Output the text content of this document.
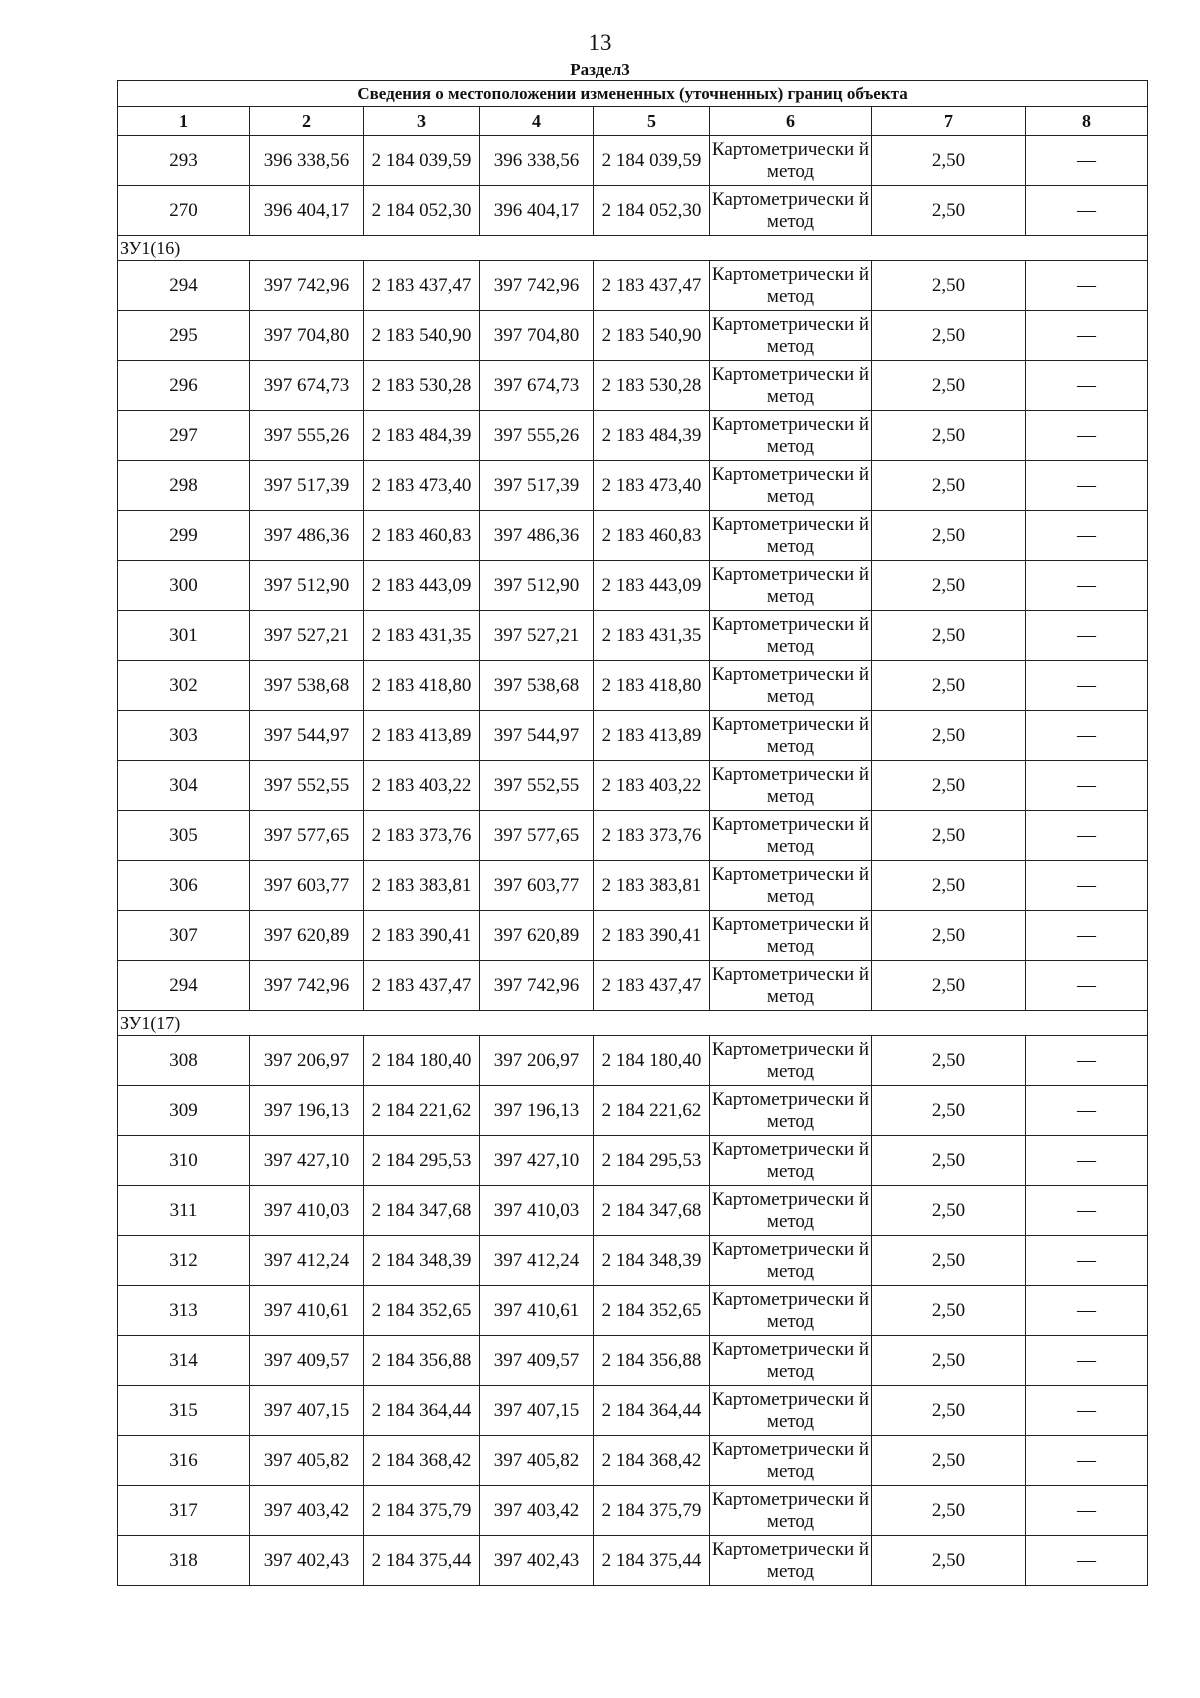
13
Раздел3
Сведения о местоположении измененных (уточненных) границ объекта							
1	2	3	4	5	6	7	8
293	396 338,56	2 184 039,59	396 338,56	2 184 039,59	Картометрически й метод	2,50	—
270	396 404,17	2 184 052,30	396 404,17	2 184 052,30	Картометрически й метод	2,50	—
ЗУ1(16)							
294	397 742,96	2 183 437,47	397 742,96	2 183 437,47	Картометрически й метод	2,50	—
295	397 704,80	2 183 540,90	397 704,80	2 183 540,90	Картометрически й метод	2,50	—
296	397 674,73	2 183 530,28	397 674,73	2 183 530,28	Картометрически й метод	2,50	—
297	397 555,26	2 183 484,39	397 555,26	2 183 484,39	Картометрически й метод	2,50	—
298	397 517,39	2 183 473,40	397 517,39	2 183 473,40	Картометрически й метод	2,50	—
299	397 486,36	2 183 460,83	397 486,36	2 183 460,83	Картометрически й метод	2,50	—
300	397 512,90	2 183 443,09	397 512,90	2 183 443,09	Картометрически й метод	2,50	—
301	397 527,21	2 183 431,35	397 527,21	2 183 431,35	Картометрически й метод	2,50	—
302	397 538,68	2 183 418,80	397 538,68	2 183 418,80	Картометрически й метод	2,50	—
303	397 544,97	2 183 413,89	397 544,97	2 183 413,89	Картометрически й метод	2,50	—
304	397 552,55	2 183 403,22	397 552,55	2 183 403,22	Картометрически й метод	2,50	—
305	397 577,65	2 183 373,76	397 577,65	2 183 373,76	Картометрически й метод	2,50	—
306	397 603,77	2 183 383,81	397 603,77	2 183 383,81	Картометрически й метод	2,50	—
307	397 620,89	2 183 390,41	397 620,89	2 183 390,41	Картометрически й метод	2,50	—
294	397 742,96	2 183 437,47	397 742,96	2 183 437,47	Картометрически й метод	2,50	—
ЗУ1(17)							
308	397 206,97	2 184 180,40	397 206,97	2 184 180,40	Картометрически й метод	2,50	—
309	397 196,13	2 184 221,62	397 196,13	2 184 221,62	Картометрически й метод	2,50	—
310	397 427,10	2 184 295,53	397 427,10	2 184 295,53	Картометрически й метод	2,50	—
311	397 410,03	2 184 347,68	397 410,03	2 184 347,68	Картометрически й метод	2,50	—
312	397 412,24	2 184 348,39	397 412,24	2 184 348,39	Картометрически й метод	2,50	—
313	397 410,61	2 184 352,65	397 410,61	2 184 352,65	Картометрически й метод	2,50	—
314	397 409,57	2 184 356,88	397 409,57	2 184 356,88	Картометрически й метод	2,50	—
315	397 407,15	2 184 364,44	397 407,15	2 184 364,44	Картометрически й метод	2,50	—
316	397 405,82	2 184 368,42	397 405,82	2 184 368,42	Картометрически й метод	2,50	—
317	397 403,42	2 184 375,79	397 403,42	2 184 375,79	Картометрически й метод	2,50	—
318	397 402,43	2 184 375,44	397 402,43	2 184 375,44	Картометрически й метод	2,50	—
